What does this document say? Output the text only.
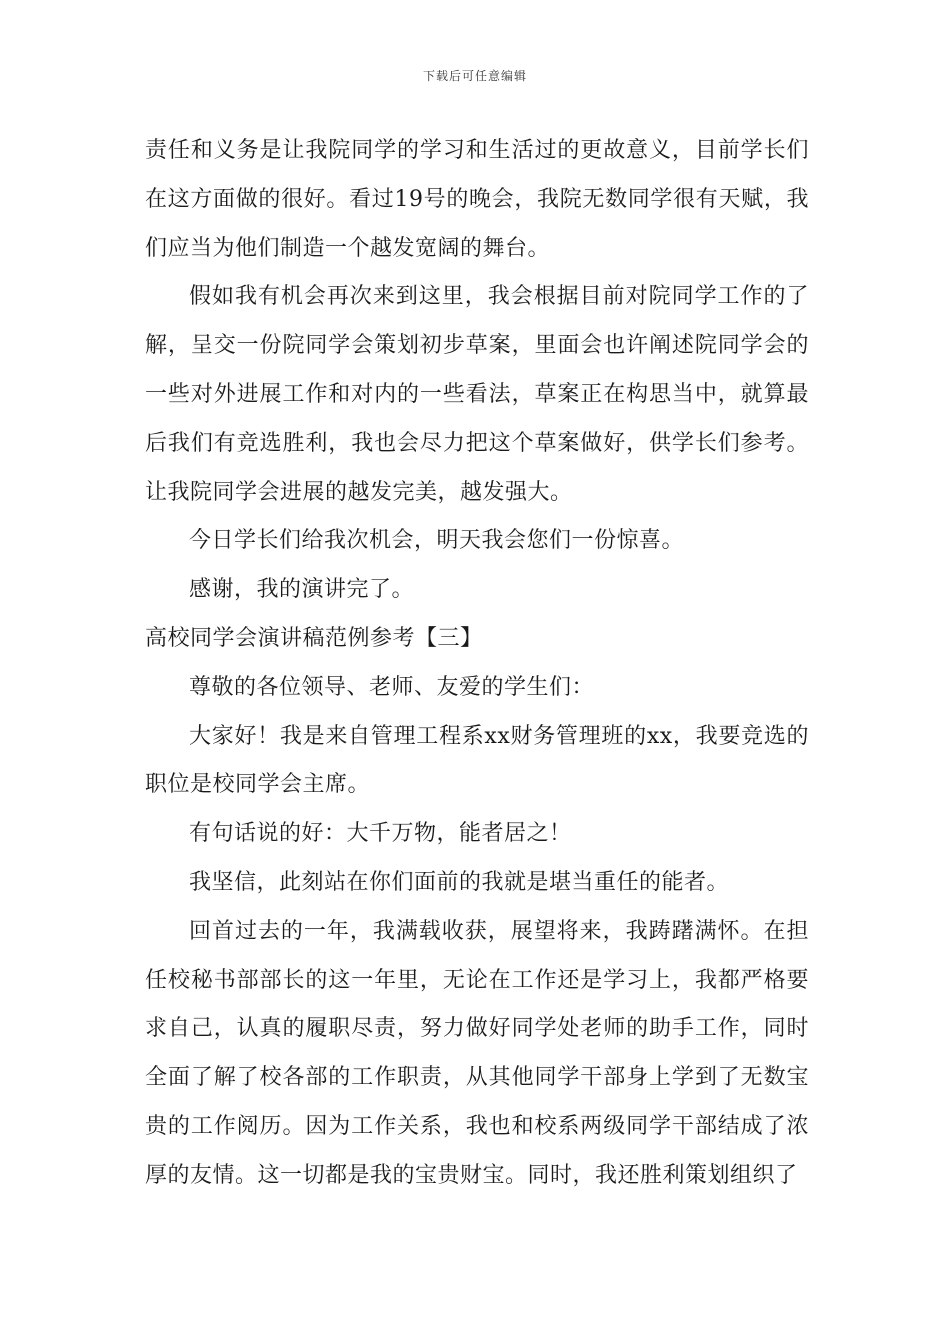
下载后可任意编辑

责任和义务是让我院同学的学习和生活过的更故意义，目前学长们在这方面做的很好。看过19号的晚会，我院无数同学很有天赋，我们应当为他们制造一个越发宽阔的舞台。

假如我有机会再次来到这里，我会根据目前对院同学工作的了解，呈交一份院同学会策划初步草案，里面会也许阐述院同学会的一些对外进展工作和对内的一些看法，草案正在构思当中，就算最后我们有竞选胜利，我也会尽力把这个草案做好，供学长们参考。让我院同学会进展的越发完美，越发强大。

今日学长们给我次机会，明天我会您们一份惊喜。

感谢，我的演讲完了。

高校同学会演讲稿范例参考【三】

尊敬的各位领导、老师、友爱的学生们：

大家好！我是来自管理工程系xx财务管理班的xx，我要竞选的职位是校同学会主席。

有句话说的好：大千万物，能者居之！

我坚信，此刻站在你们面前的我就是堪当重任的能者。

回首过去的一年，我满载收获，展望将来，我踌躇满怀。在担任校秘书部部长的这一年里，无论在工作还是学习上，我都严格要求自己，认真的履职尽责，努力做好同学处老师的助手工作，同时全面了解了校各部的工作职责，从其他同学干部身上学到了无数宝贵的工作阅历。因为工作关系，我也和校系两级同学干部结成了浓厚的友情。这一切都是我的宝贵财宝。同时，我还胜利策划组织了
